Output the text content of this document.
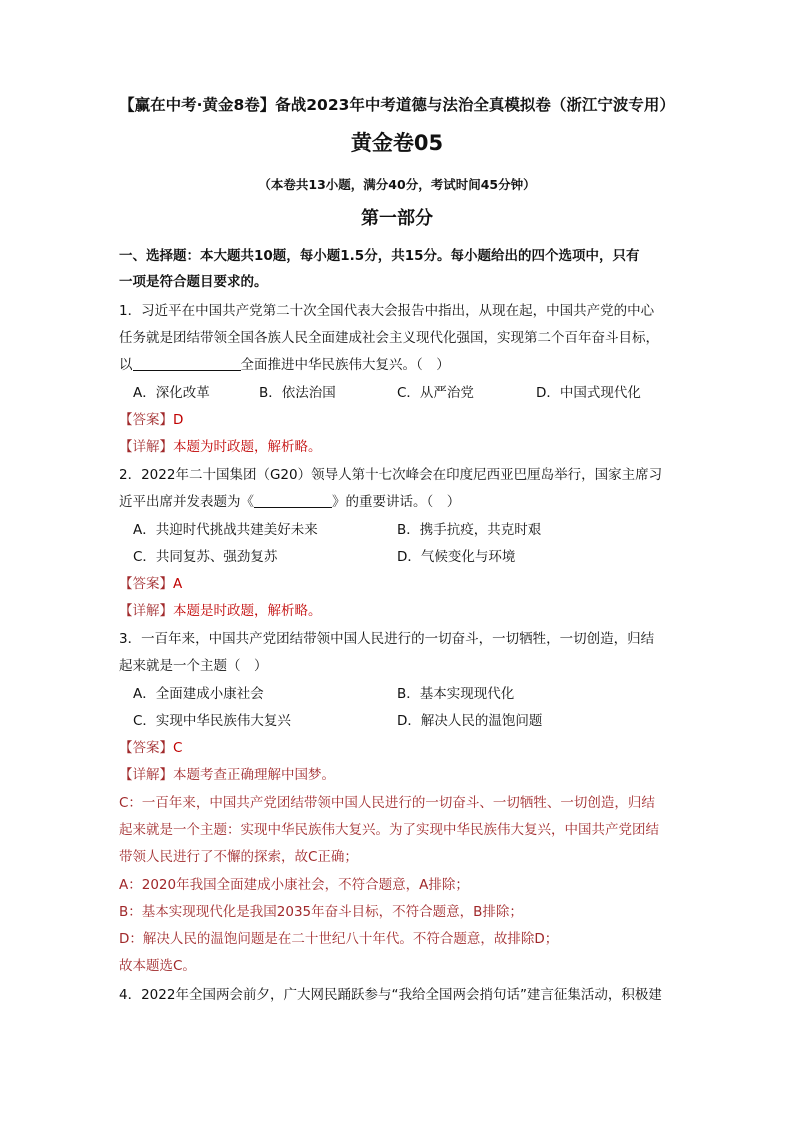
【赢在中考·黄金8卷】备战2023年中考道德与法治全真模拟卷（浙江宁波专用）
黄金卷05
（本卷共13小题，满分40分，考试时间45分钟）
第一部分
一、选择题：本大题共10题，每小题1.5分，共15分。每小题给出的四个选项中，只有
一项是符合题目要求的。
1．习近平在中国共产党第二十次全国代表大会报告中指出，从现在起，中国共产党的中心
任务就是团结带领全国各族人民全面建成社会主义现代化强国，实现第二个百年奋斗目标，
以	全面推进中华民族伟大复兴。（　）
A．深化改革	B．依法治国	C．从严治党	D．中国式现代化
【答案】D
【详解】本题为时政题，解析略。
2．2022年二十国集团（G20）领导人第十七次峰会在印度尼西亚巴厘岛举行，国家主席习
近平出席并发表题为《	》的重要讲话。（　）
A．共迎时代挑战共建美好未来	B．携手抗疫，共克时艰
C．共同复苏、强劲复苏	D．气候变化与环境
【答案】A
【详解】本题是时政题，解析略。
3．一百年来，中国共产党团结带领中国人民进行的一切奋斗，一切牺牲，一切创造，归结
起来就是一个主题（　）
A．全面建成小康社会	B．基本实现现代化
C．实现中华民族伟大复兴	D．解决人民的温饱问题
【答案】C
【详解】本题考查正确理解中国梦。
C：一百年来，中国共产党团结带领中国人民进行的一切奋斗、一切牺牲、一切创造，归结
起来就是一个主题：实现中华民族伟大复兴。为了实现中华民族伟大复兴，中国共产党团结
带领人民进行了不懈的探索，故C正确；
A：2020年我国全面建成小康社会，不符合题意，A排除；
B：基本实现现代化是我国2035年奋斗目标，不符合题意，B排除；
D：解决人民的温饱问题是在二十世纪八十年代。不符合题意，故排除D；
故本题选C。
4．2022年全国两会前夕，广大网民踊跃参与“我给全国两会捎句话”建言征集活动，积极建
